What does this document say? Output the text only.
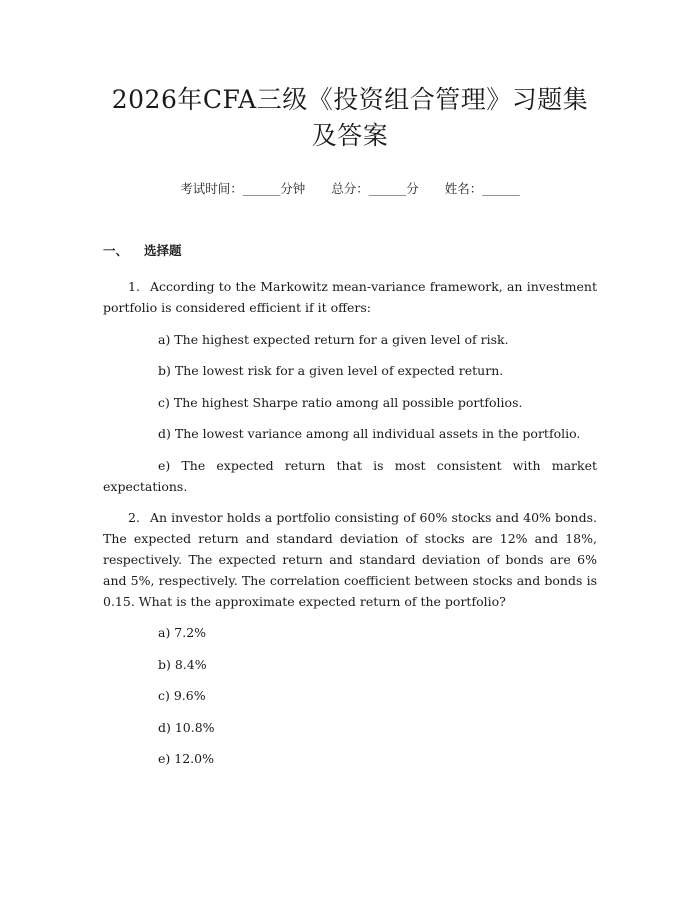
2026年CFA三级《投资组合管理》习题集及答案
考试时间：______分钟 总分：______分 姓名：______
一、 选择题
1. According to the Markowitz mean-variance framework, an investment portfolio is considered efficient if it offers:
a) The highest expected return for a given level of risk.
b) The lowest risk for a given level of expected return.
c) The highest Sharpe ratio among all possible portfolios.
d) The lowest variance among all individual assets in the portfolio.
e) The expected return that is most consistent with market expectations.
2. An investor holds a portfolio consisting of 60% stocks and 40% bonds. The expected return and standard deviation of stocks are 12% and 18%, respectively. The expected return and standard deviation of bonds are 6% and 5%, respectively. The correlation coefficient between stocks and bonds is 0.15. What is the approximate expected return of the portfolio?
a) 7.2%
b) 8.4%
c) 9.6%
d) 10.8%
e) 12.0%
